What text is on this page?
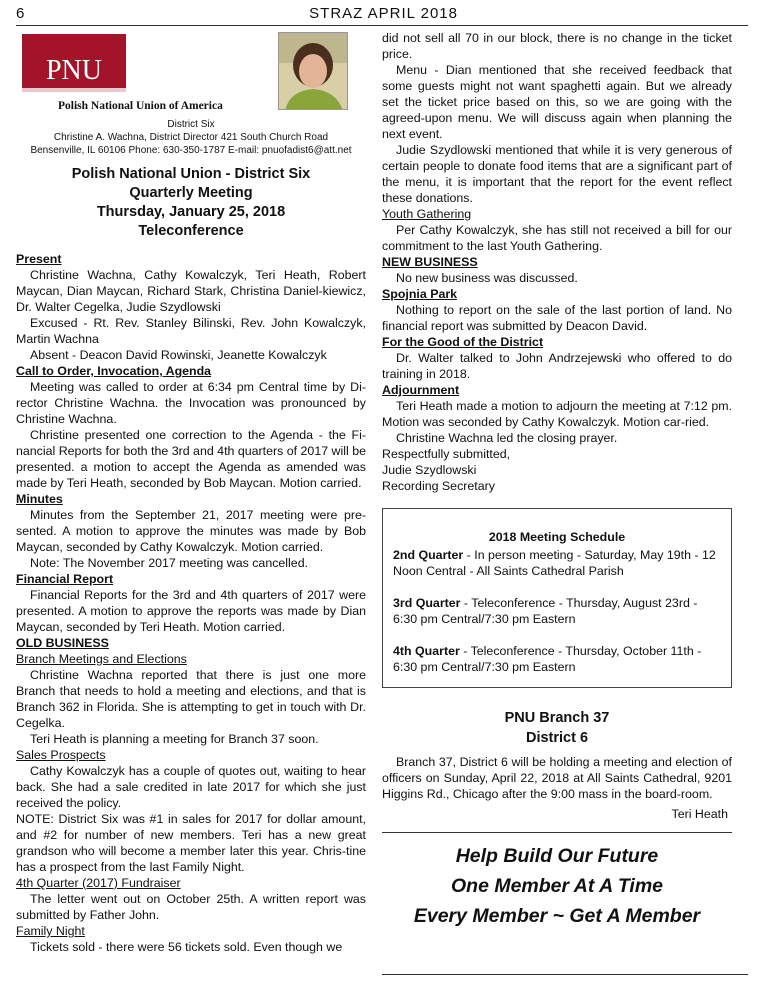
6	STRAZ APRIL 2018
PNU
Polish National Union of America
District Six
Christine A. Wachna, District Director 421 South Church Road
Bensenville, IL 60106 Phone: 630-350-1787 E-mail: pnuofadist6@att.net
Polish National Union - District Six
Quarterly Meeting
Thursday, January 25, 2018
Teleconference
Present

Christine Wachna, Cathy Kowalczyk, Teri Heath, Robert Maycan, Dian Maycan, Richard Stark, Christina Daniel-kiewicz, Dr. Walter Cegelka, Judie Szydlowski

Excused - Rt. Rev. Stanley Bilinski, Rev. John Kowalczyk, Martin Wachna

Absent - Deacon David Rowinski, Jeanette Kowalczyk

Call to Order, Invocation, Agenda

Meeting was called to order at 6:34 pm Central time by Di-rector Christine Wachna. the Invocation was pronounced by Christine Wachna.

Christine presented one correction to the Agenda - the Fi-nancial Reports for both the 3rd and 4th quarters of 2017 will be presented. a motion to accept the Agenda as amended was made by Teri Heath, seconded by Bob Maycan. Motion carried.

Minutes

Minutes from the September 21, 2017 meeting were pre-sented. A motion to approve the minutes was made by Bob Maycan, seconded by Cathy Kowalczyk. Motion carried.

Note: The November 2017 meeting was cancelled.

Financial Report

Financial Reports for the 3rd and 4th quarters of 2017 were presented. A motion to approve the reports was made by Dian Maycan, seconded by Teri Heath. Motion carried.

OLD BUSINESS
Branch Meetings and Elections

Christine Wachna reported that there is just one more Branch that needs to hold a meeting and elections, and that is Branch 362 in Florida. She is attempting to get in touch with Dr. Cegelka.

Teri Heath is planning a meeting for Branch 37 soon.

Sales Prospects

Cathy Kowalczyk has a couple of quotes out, waiting to hear back. She had a sale credited in late 2017 for which she just received the policy.

NOTE: District Six was #1 in sales for 2017 for dollar amount, and #2 for number of new members. Teri has a new great grandson who will become a member later this year. Chris-tine has a prospect from the last Family Night.

4th Quarter (2017) Fundraiser

The letter went out on October 25th. A written report was submitted by Father John.

Family Night

Tickets sold - there were 56 tickets sold. Even though we

did not sell all 70 in our block, there is no change in the ticket price.

Menu - Dian mentioned that she received feedback that some guests might not want spaghetti again. But we already set the ticket price based on this, so we are going with the agreed-upon menu. We will discuss again when planning the next event.

Judie Szydlowski mentioned that while it is very generous of certain people to donate food items that are a significant part of the menu, it is important that the report for the event reflect these donations.

Youth Gathering

Per Cathy Kowalczyk, she has still not received a bill for our commitment to the last Youth Gathering.

NEW BUSINESS

No new business was discussed.

Spojnia Park

Nothing to report on the sale of the last portion of land. No financial report was submitted by Deacon David.

For the Good of the District

Dr. Walter talked to John Andrzejewski who offered to do training in 2018.

Adjournment

Teri Heath made a motion to adjourn the meeting at 7:12 pm. Motion was seconded by Cathy Kowalczyk. Motion car-ried.

Christine Wachna led the closing prayer.

Respectfully submitted,
Judie Szydlowski
Recording Secretary
2018 Meeting Schedule

2nd Quarter - In person meeting - Saturday, May 19th - 12 Noon Central - All Saints Cathedral Parish

3rd Quarter - Teleconference - Thursday, August 23rd - 6:30 pm Central/7:30 pm Eastern

4th Quarter - Teleconference - Thursday, October 11th - 6:30 pm Central/7:30 pm Eastern

PNU Branch 37
District 6

Branch 37, District 6 will be holding a meeting and election of officers on Sunday, April 22, 2018 at All Saints Cathedral, 9201 Higgins Rd., Chicago after the 9:00 mass in the board-room.

Teri Heath
Help Build Our Future
One Member At A Time
Every Member ~ Get A Member
